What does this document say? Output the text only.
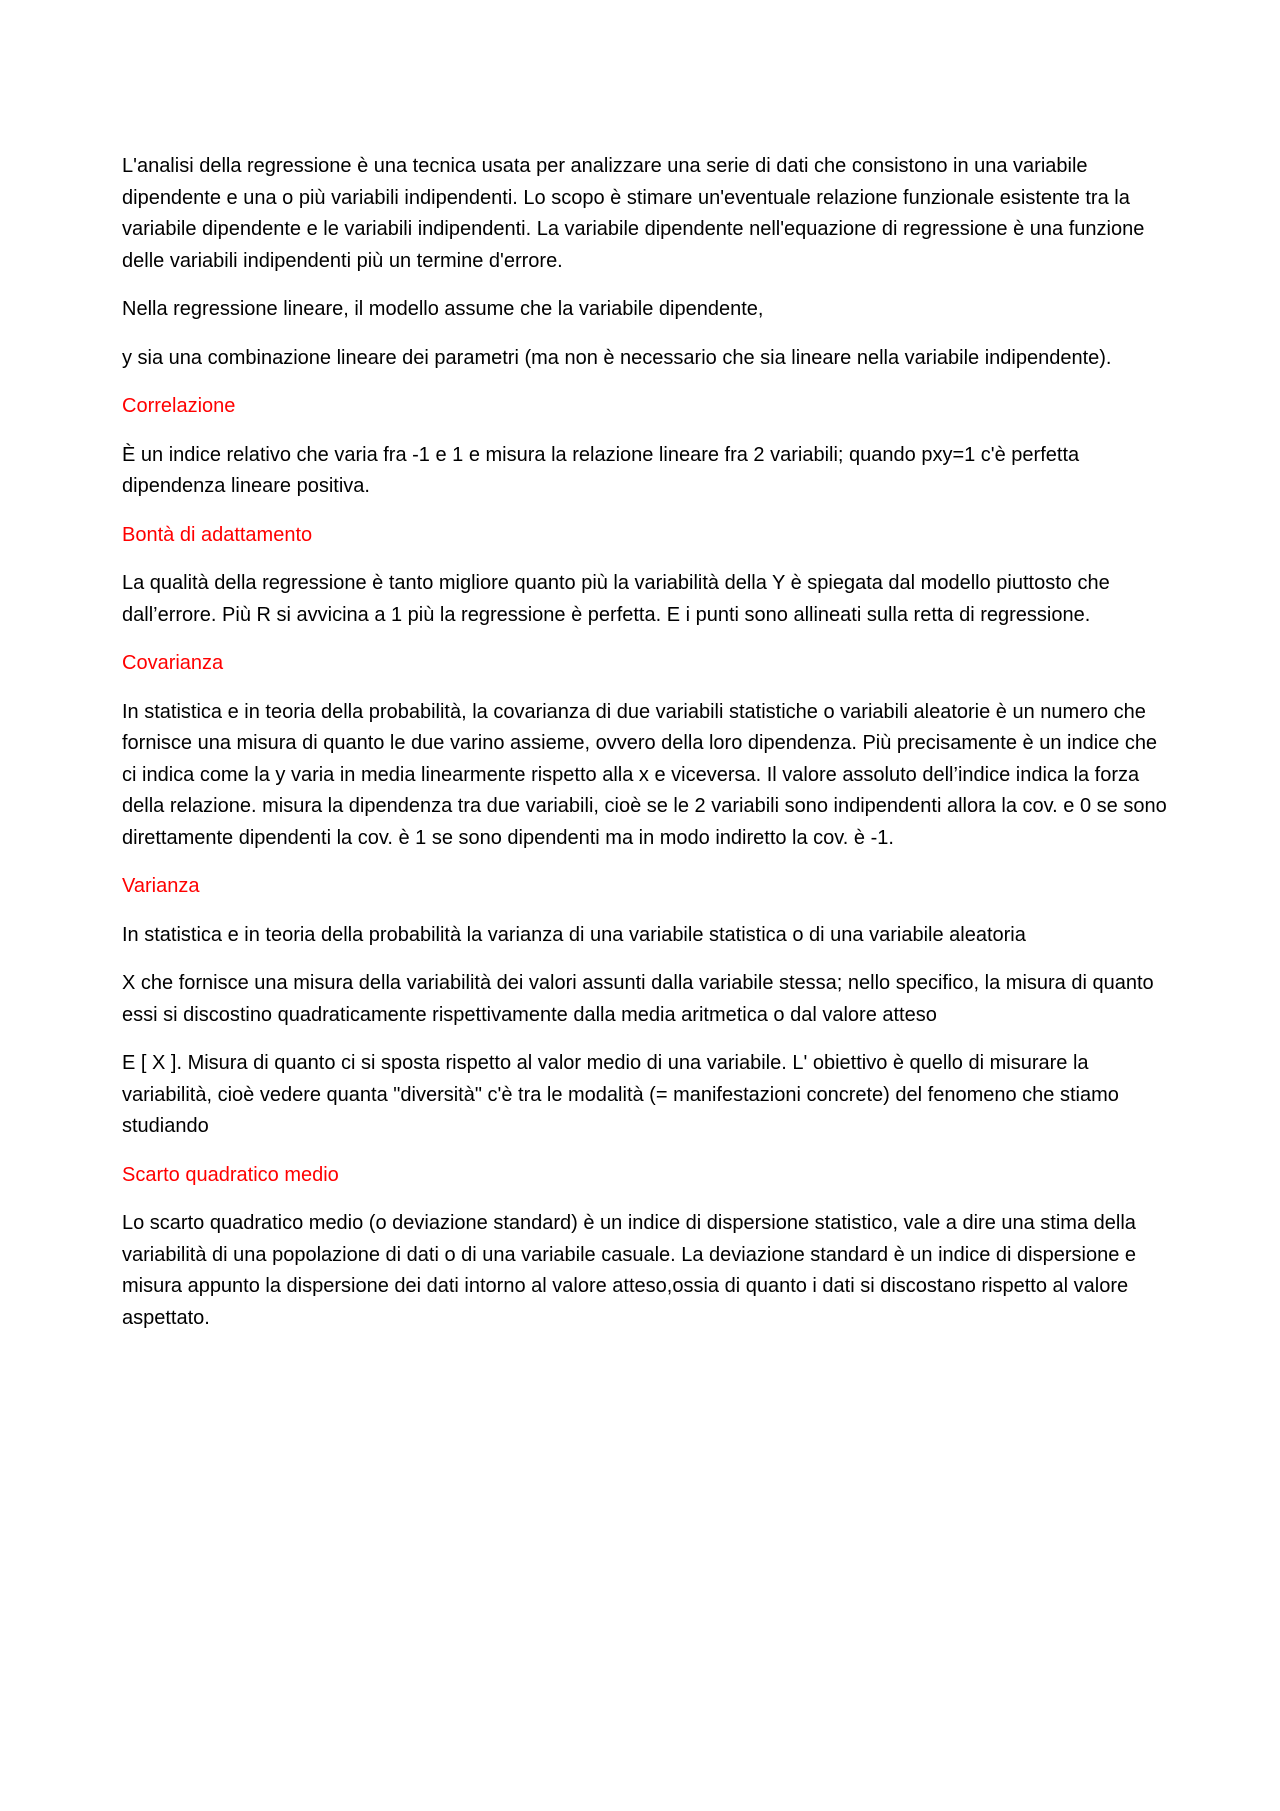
L'analisi della regressione è una tecnica usata per analizzare una serie di dati che consistono in una variabile dipendente e una o più variabili indipendenti. Lo scopo è stimare un'eventuale relazione funzionale esistente tra la variabile dipendente e le variabili indipendenti. La variabile dipendente nell'equazione di regressione è una funzione delle variabili indipendenti più un termine d'errore.

Nella regressione lineare, il modello assume che la variabile dipendente,

y sia una combinazione lineare dei parametri (ma non è necessario che sia lineare nella variabile indipendente).

Correlazione

È un indice relativo che varia fra -1 e 1 e misura la relazione lineare fra 2 variabili; quando pxy=1 c'è perfetta dipendenza lineare positiva.

Bontà di adattamento

La qualità della regressione è tanto migliore quanto più la variabilità della Y è spiegata dal modello piuttosto che dall’errore. Più R si avvicina a 1 più la regressione è perfetta. E i punti sono allineati sulla retta di regressione.

Covarianza

In statistica e in teoria della probabilità, la covarianza di due variabili statistiche o variabili aleatorie è un numero che fornisce una misura di quanto le due varino assieme, ovvero della loro dipendenza. Più precisamente è un indice che ci indica come la y varia in media linearmente rispetto alla x e viceversa. Il valore assoluto dell’indice indica la forza della relazione. misura la dipendenza tra due variabili, cioè se le 2 variabili sono indipendenti allora la cov. e 0 se sono direttamente dipendenti la cov. è 1 se sono dipendenti ma in modo indiretto la cov. è -1.

Varianza

In statistica e in teoria della probabilità la varianza di una variabile statistica o di una variabile aleatoria

X che fornisce una misura della variabilità dei valori assunti dalla variabile stessa; nello specifico, la misura di quanto essi si discostino quadraticamente rispettivamente dalla media aritmetica o dal valore atteso

E [ X ]. Misura di quanto ci si sposta rispetto al valor medio di una variabile. L' obiettivo è quello di misurare la variabilità, cioè vedere quanta "diversità" c'è tra le modalità (= manifestazioni concrete) del fenomeno che stiamo studiando

Scarto quadratico medio

Lo scarto quadratico medio (o deviazione standard) è un indice di dispersione statistico, vale a dire una stima della variabilità di una popolazione di dati o di una variabile casuale. La deviazione standard è un indice di dispersione e misura appunto la dispersione dei dati intorno al valore atteso,ossia di quanto i dati si discostano rispetto al valore aspettato.
